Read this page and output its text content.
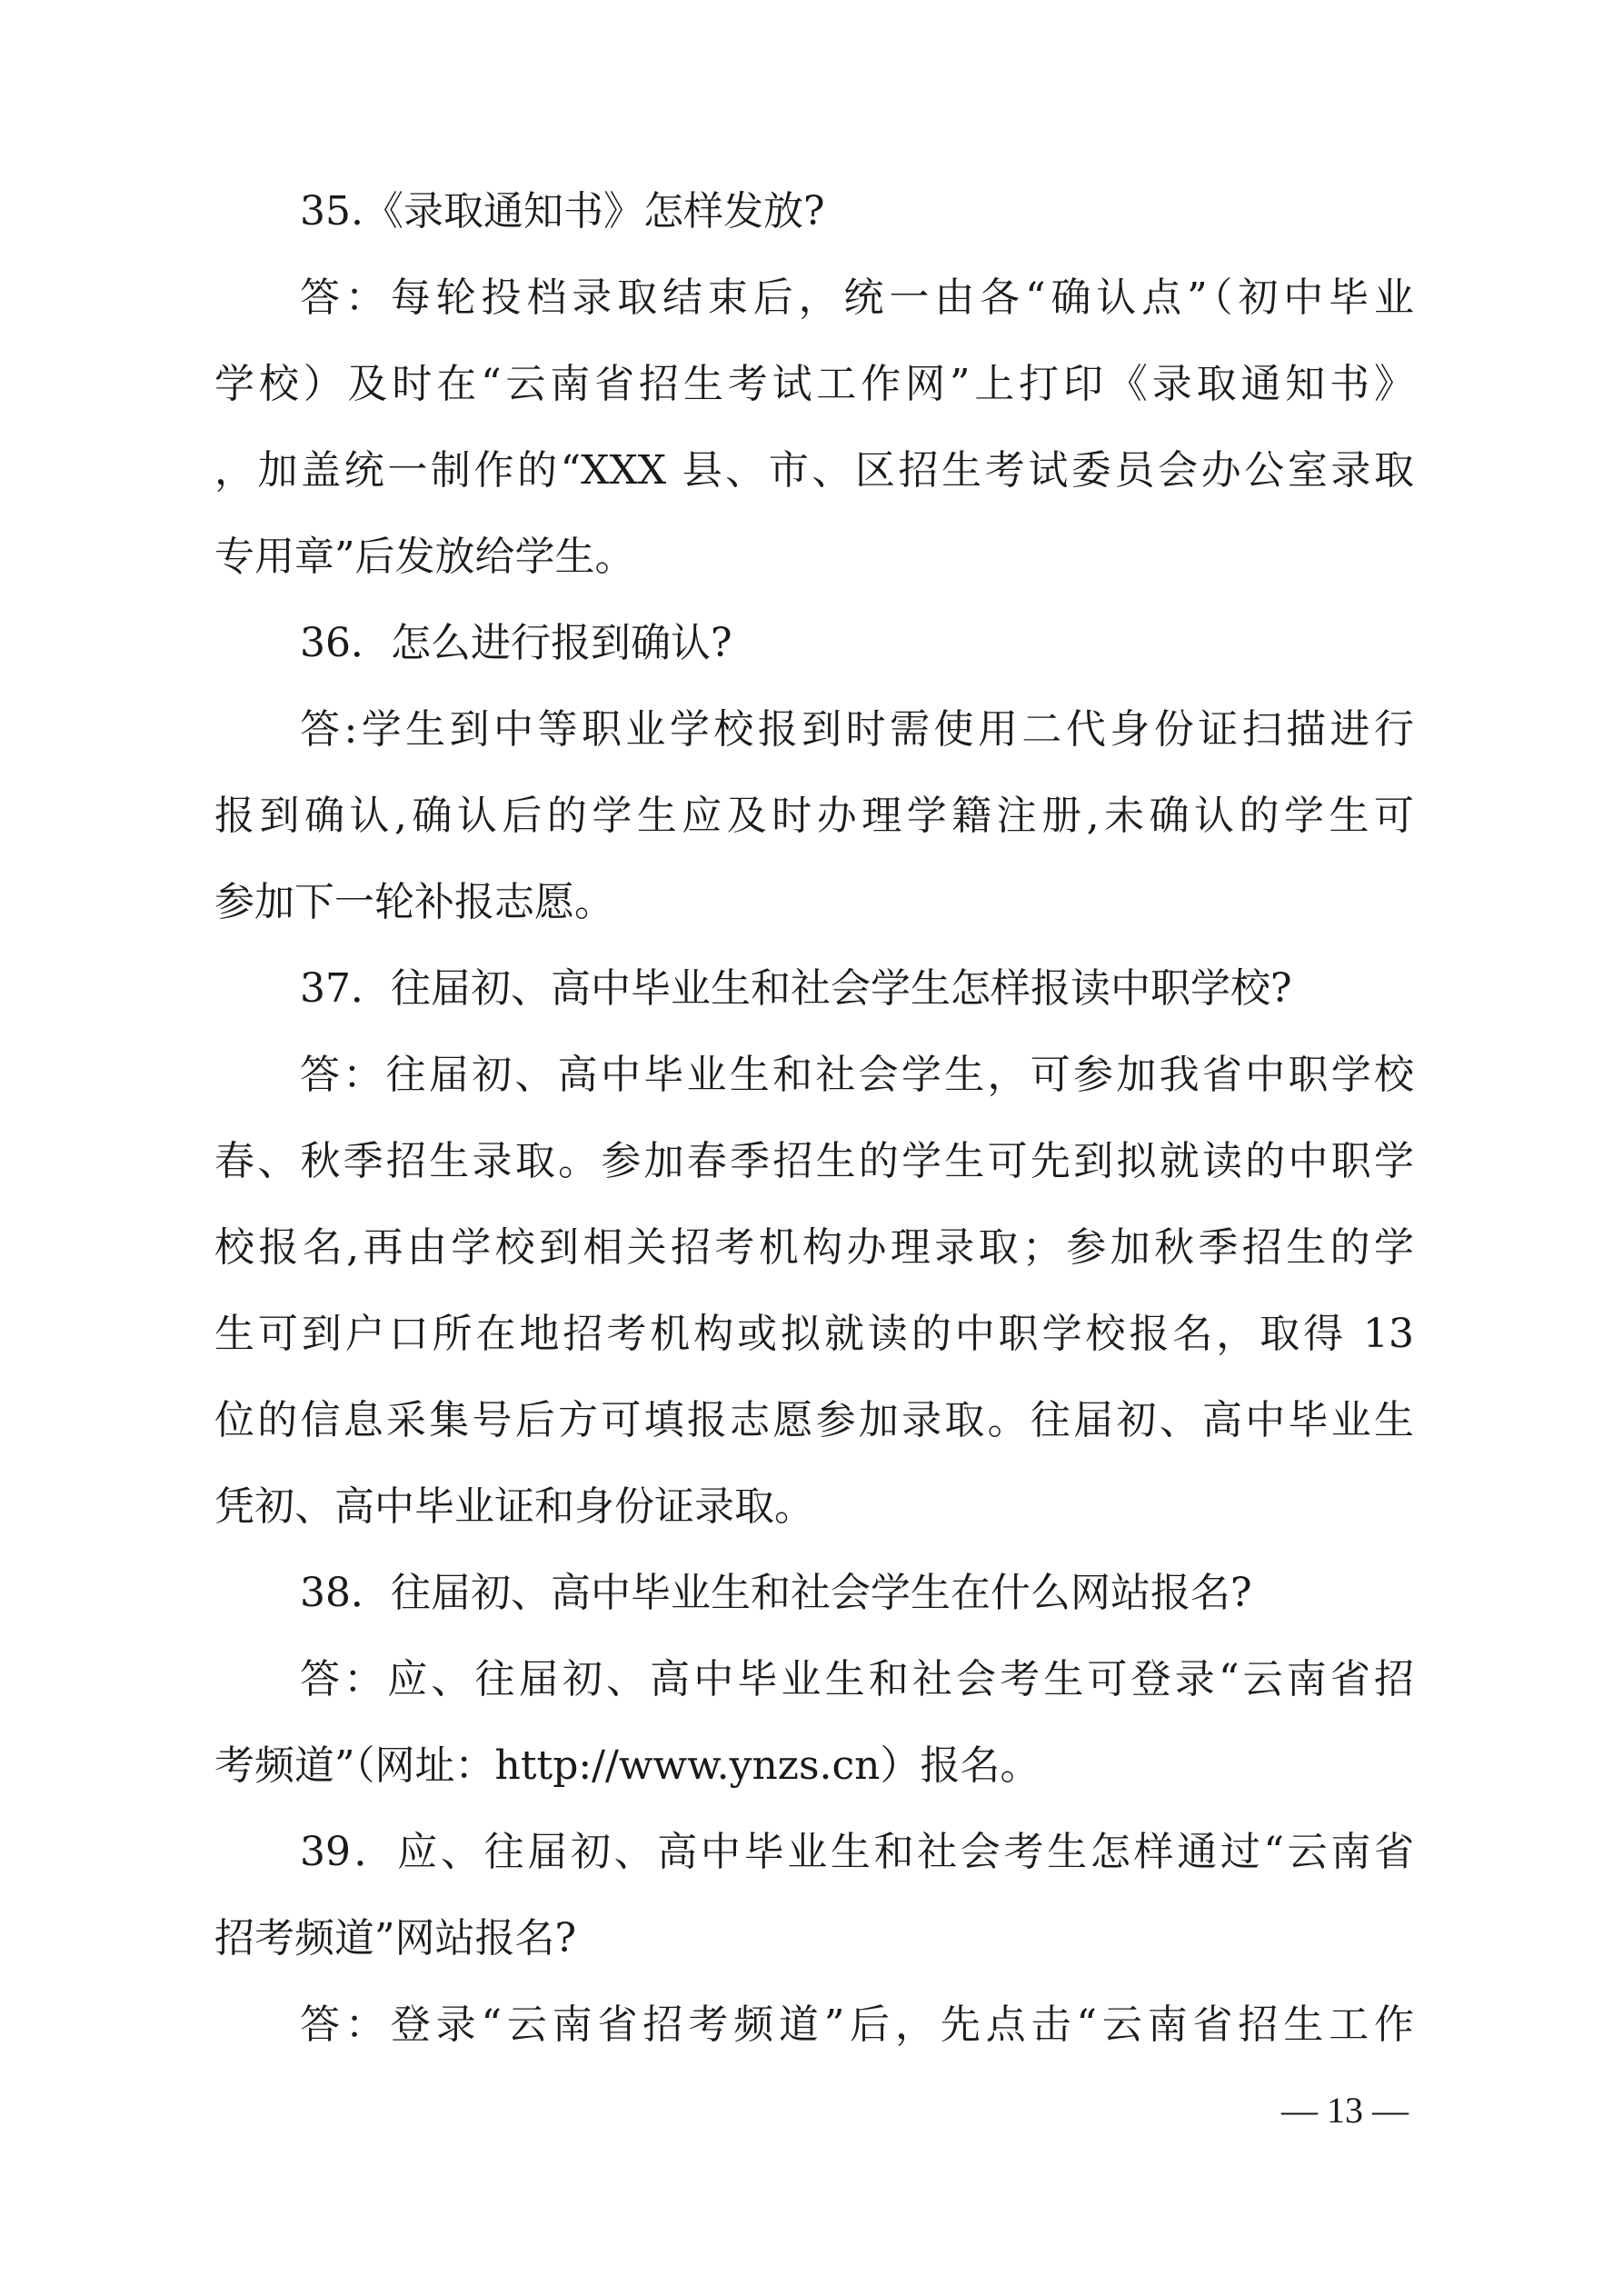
35.《录取通知书》怎样发放?
答：每轮投档录取结束后，统一由各“确认点”（初中毕业
学校）及时在“云南省招生考试工作网”上打印《录取通知书》
，加盖统一制作的“XXX 县、市、区招生考试委员会办公室录取
专用章”后发放给学生。
36．怎么进行报到确认?
答:学生到中等职业学校报到时需使用二代身份证扫描进行
报到确认,确认后的学生应及时办理学籍注册,未确认的学生可
参加下一轮补报志愿。
37．往届初、高中毕业生和社会学生怎样报读中职学校?
答：往届初、高中毕业生和社会学生，可参加我省中职学校
春、秋季招生录取。参加春季招生的学生可先到拟就读的中职学
校报名,再由学校到相关招考机构办理录取；参加秋季招生的学
生可到户口所在地招考机构或拟就读的中职学校报名，取得 13
位的信息采集号后方可填报志愿参加录取。往届初、高中毕业生
凭初、高中毕业证和身份证录取。
38．往届初、高中毕业生和社会学生在什么网站报名?
答：应、往届初、高中毕业生和社会考生可登录“云南省招
考频道”（网址：http://www.ynzs.cn）报名。
39．应、往届初、高中毕业生和社会考生怎样通过“云南省
招考频道”网站报名?
答：登录“云南省招考频道”后，先点击“云南省招生工作
— 13 —
